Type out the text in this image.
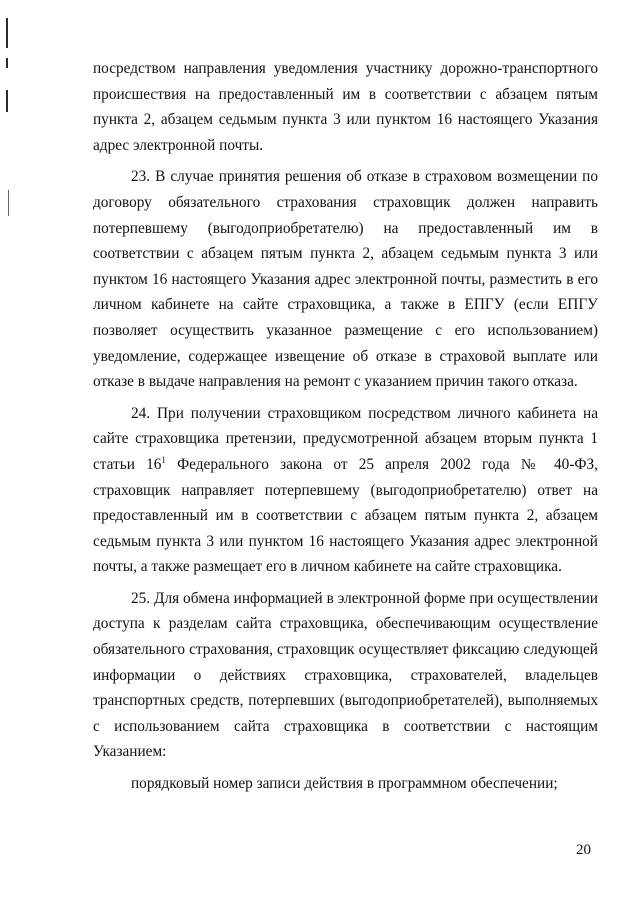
посредством направления уведомления участнику дорожно-транспортного происшествия на предоставленный им в соответствии с абзацем пятым пункта 2, абзацем седьмым пункта 3 или пунктом 16 настоящего Указания адрес электронной почты.

23. В случае принятия решения об отказе в страховом возмещении по договору обязательного страхования страховщик должен направить потерпевшему (выгодоприобретателю) на предоставленный им в соответствии с абзацем пятым пункта 2, абзацем седьмым пункта 3 или пунктом 16 настоящего Указания адрес электронной почты, разместить в его личном кабинете на сайте страховщика, а также в ЕПГУ (если ЕПГУ позволяет осуществить указанное размещение с его использованием) уведомление, содержащее извещение об отказе в страховой выплате или отказе в выдаче направления на ремонт с указанием причин такого отказа.

24. При получении страховщиком посредством личного кабинета на сайте страховщика претензии, предусмотренной абзацем вторым пункта 1 статьи $16^1$ Федерального закона от 25 апреля 2002 года № 40-ФЗ, страховщик направляет потерпевшему (выгодоприобретателю) ответ на предоставленный им в соответствии с абзацем пятым пункта 2, абзацем седьмым пункта 3 или пунктом 16 настоящего Указания адрес электронной почты, а также размещает его в личном кабинете на сайте страховщика.

25. Для обмена информацией в электронной форме при осуществлении доступа к разделам сайта страховщика, обеспечивающим осуществление обязательного страхования, страховщик осуществляет фиксацию следующей информации о действиях страховщика, страхователей, владельцев транспортных средств, потерпевших (выгодоприобретателей), выполняемых с использованием сайта страховщика в соответствии с настоящим Указанием:

порядковый номер записи действия в программном обеспечении;

20
